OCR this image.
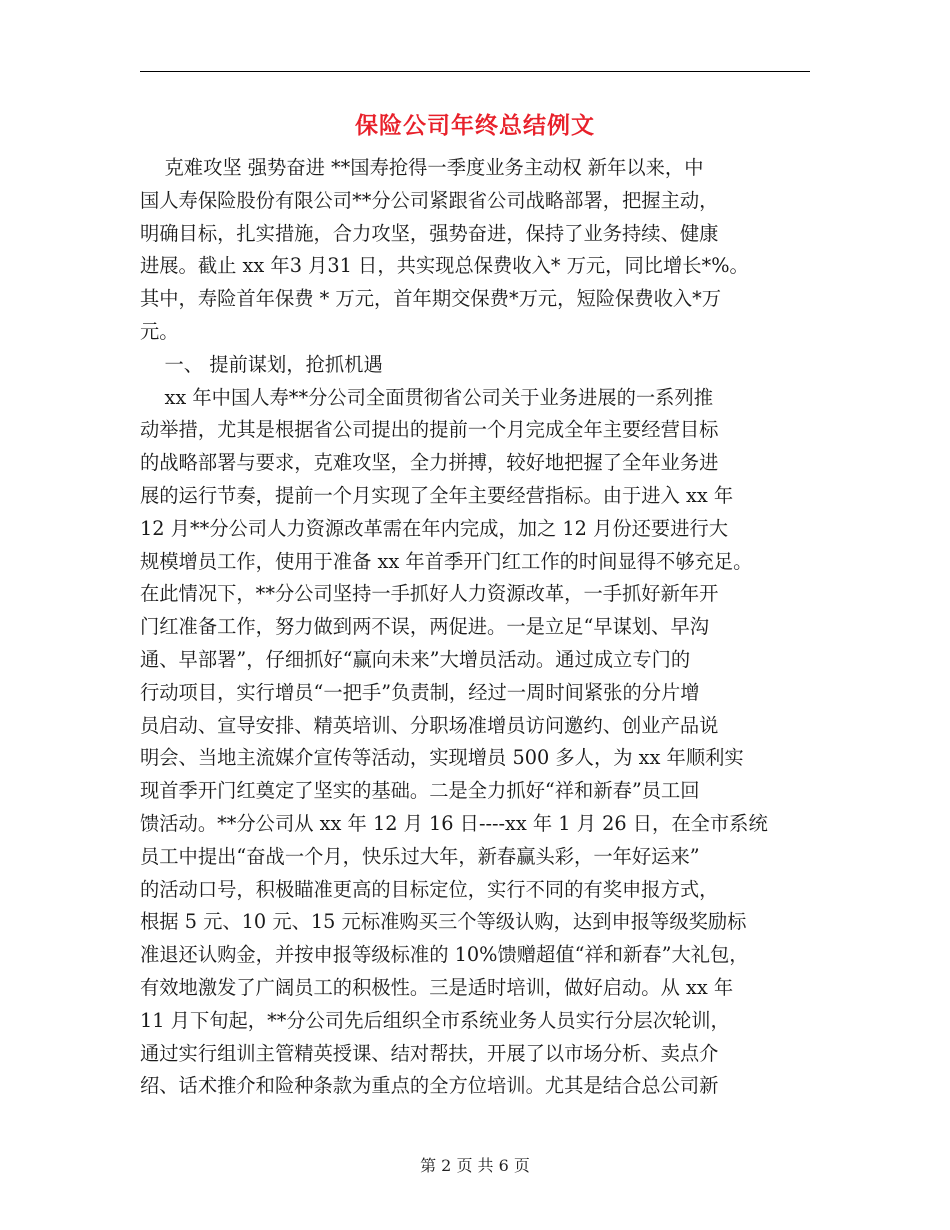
保险公司年终总结例文

克难攻坚 强势奋进 **国寿抢得一季度业务主动权 新年以来，中

国人寿保险股份有限公司**分公司紧跟省公司战略部署，把握主动，

明确目标，扎实措施，合力攻坚，强势奋进，保持了业务持续、健康

进展。截止 xx 年3 月31 日，共实现总保费收入* 万元，同比增长*%。

其中，寿险首年保费 * 万元，首年期交保费*万元，短险保费收入*万

元。

一、 提前谋划，抢抓机遇

xx 年中国人寿**分公司全面贯彻省公司关于业务进展的一系列推

动举措，尤其是根据省公司提出的提前一个月完成全年主要经营目标

的战略部署与要求，克难攻坚，全力拼搏，较好地把握了全年业务进

展的运行节奏，提前一个月实现了全年主要经营指标。由于进入 xx 年

12 月**分公司人力资源改革需在年内完成，加之 12 月份还要进行大

规模增员工作，使用于准备 xx 年首季开门红工作的时间显得不够充足。

在此情况下，**分公司坚持一手抓好人力资源改革，一手抓好新年开

门红准备工作，努力做到两不误，两促进。一是立足“早谋划、早沟

通、早部署”，仔细抓好“赢向未来”大增员活动。通过成立专门的

行动项目，实行增员“一把手”负责制，经过一周时间紧张的分片增

员启动、宣导安排、精英培训、分职场准增员访问邀约、创业产品说

明会、当地主流媒介宣传等活动，实现增员 500 多人，为 xx 年顺利实

现首季开门红奠定了坚实的基础。二是全力抓好“祥和新春”员工回

馈活动。**分公司从 xx 年 12 月 16 日----xx 年 1 月 26 日，在全市系统

员工中提出“奋战一个月，快乐过大年，新春赢头彩，一年好运来”

的活动口号，积极瞄准更高的目标定位，实行不同的有奖申报方式，

根据 5 元、10 元、15 元标准购买三个等级认购，达到申报等级奖励标

准退还认购金，并按申报等级标准的 10%馈赠超值“祥和新春”大礼包，

有效地激发了广阔员工的积极性。三是适时培训，做好启动。从 xx 年

11 月下旬起，**分公司先后组织全市系统业务人员实行分层次轮训，

通过实行组训主管精英授课、结对帮扶，开展了以市场分析、卖点介

绍、话术推介和险种条款为重点的全方位培训。尤其是结合总公司新

第 2 页 共 6 页
